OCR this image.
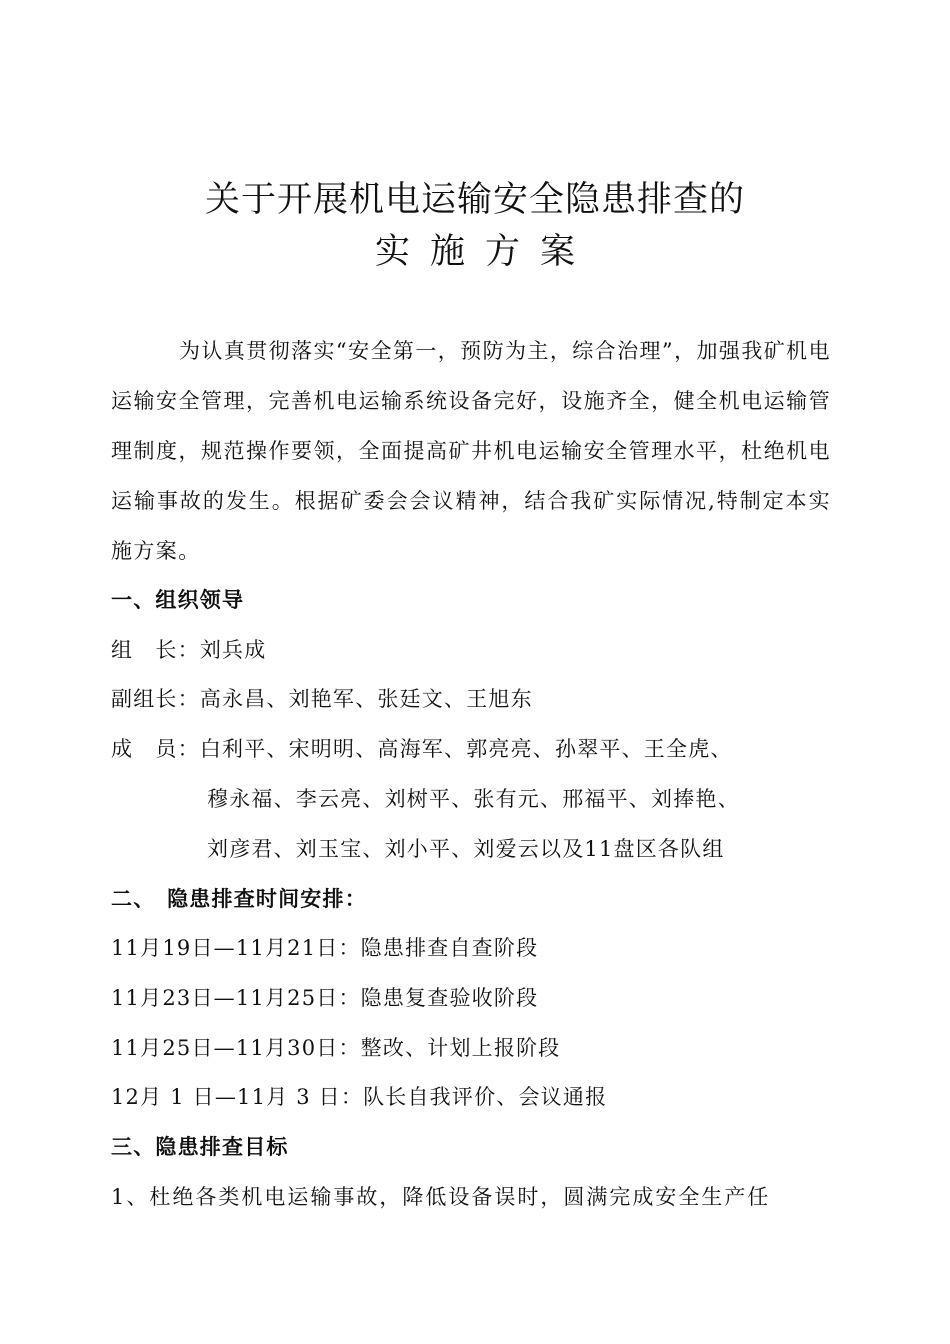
关于开展机电运输安全隐患排查的
实施方案
为认真贯彻落实“安全第一，预防为主，综合治理”，加强我矿机电运输安全管理，完善机电运输系统设备完好，设施齐全，健全机电运输管理制度，规范操作要领，全面提高矿井机电运输安全管理水平，杜绝机电运输事故的发生。根据矿委会会议精神，结合我矿实际情况,特制定本实施方案。
一、组织领导
组　长：刘兵成
副组长：高永昌、刘艳军、张廷文、王旭东
成　员：白利平、宋明明、高海军、郭亮亮、孙翠平、王全虎、
穆永福、李云亮、刘树平、张有元、邢福平、刘捧艳、
刘彦君、刘玉宝、刘小平、刘爱云以及11盘区各队组
二、　隐患排查时间安排：
11月19日—11月21日：隐患排查自查阶段
11月23日—11月25日：隐患复查验收阶段
11月25日—11月30日：整改、计划上报阶段
12月 1 日—11月 3 日：队长自我评价、会议通报
三、隐患排查目标
1、杜绝各类机电运输事故，降低设备误时，圆满完成安全生产任
